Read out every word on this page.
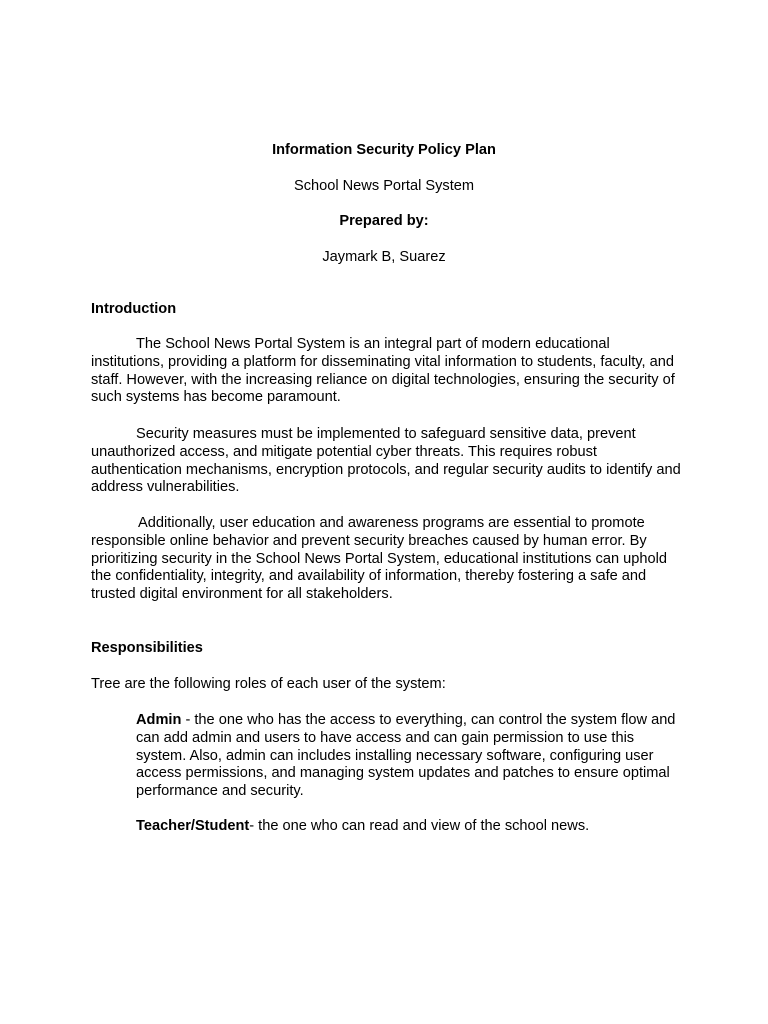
Information Security Policy Plan

School News Portal System

Prepared by:

Jaymark B, Suarez

Introduction

The School News Portal System is an integral part of modern educational institutions, providing a platform for disseminating vital information to students, faculty, and staff. However, with the increasing reliance on digital technologies, ensuring the security of such systems has become paramount.

Security measures must be implemented to safeguard sensitive data, prevent unauthorized access, and mitigate potential cyber threats. This requires robust authentication mechanisms, encryption protocols, and regular security audits to identify and address vulnerabilities.

Additionally, user education and awareness programs are essential to promote responsible online behavior and prevent security breaches caused by human error. By prioritizing security in the School News Portal System, educational institutions can uphold the confidentiality, integrity, and availability of information, thereby fostering a safe and trusted digital environment for all stakeholders.

Responsibilities

Tree are the following roles of each user of the system:

Admin - the one who has the access to everything, can control the system flow and can add admin and users to have access and can gain permission to use this system. Also, admin can includes installing necessary software, configuring user access permissions, and managing system updates and patches to ensure optimal performance and security.

Teacher/Student- the one who can read and view of the school news.
